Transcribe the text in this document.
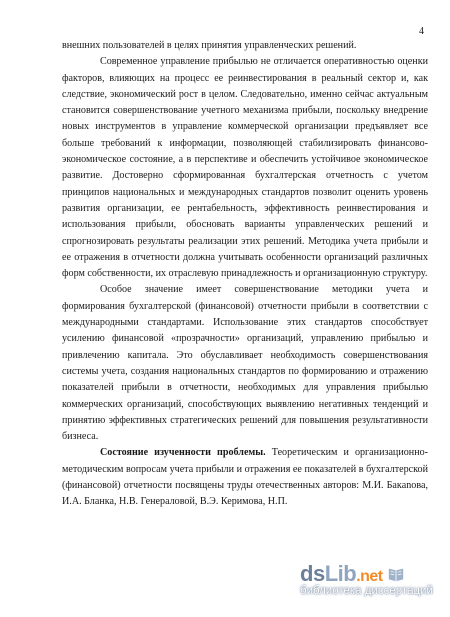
4

внешних пользователей в целях принятия управленческих решений.

Современное управление прибылью не отличается оперативностью оценки факторов, влияющих на процесс ее реинвестирования в реальный сектор и, как следствие, экономический рост в целом. Следовательно, именно сейчас актуальным становится совершенствование учетного механизма прибыли, поскольку внедрение новых инструментов в управление коммерческой организации предъявляет все больше требований к информации, позволяющей стабилизировать финансово-экономическое состояние, а в перспективе и обеспечить устойчивое экономическое развитие. Достоверно сформированная бухгалтерская отчетность с учетом принципов национальных и международных стандартов позволит оценить уровень развития организации, ее рентабельность, эффективность реинвестирования и использования прибыли, обосновать варианты управленческих решений и спрогнозировать результаты реализации этих решений. Методика учета прибыли и ее отражения в отчетности должна учитывать особенности организаций различных форм собственности, их отраслевую принадлежность и организационную структуру.

Особое значение имеет совершенствование методики учета и формирования бухгалтерской (финансовой) отчетности прибыли в соответствии с международными стандартами. Использование этих стандартов способствует усилению финансовой «прозрачности» организаций, управлению прибылью и привлечению капитала. Это обуславливает необходимость совершенствования системы учета, создания национальных стандартов по формированию и отражению показателей прибыли в отчетности, необходимых для управления прибылью коммерческих организаций, способствующих выявлению негативных тенденций и принятию эффективных стратегических решений для повышения результативности бизнеса.

Состояние изученности проблемы. Теоретическим и организационно-методическим вопросам учета прибыли и отражения ее показателей в бухгалтерской (финансовой) отчетности посвящены труды отечественных авторов: М.И. Бакanова, И.А. Бланка, Н.В. Генераловой, В.Э. Керимова, Н.П.

dsLib.net
библиотека диссертаций
